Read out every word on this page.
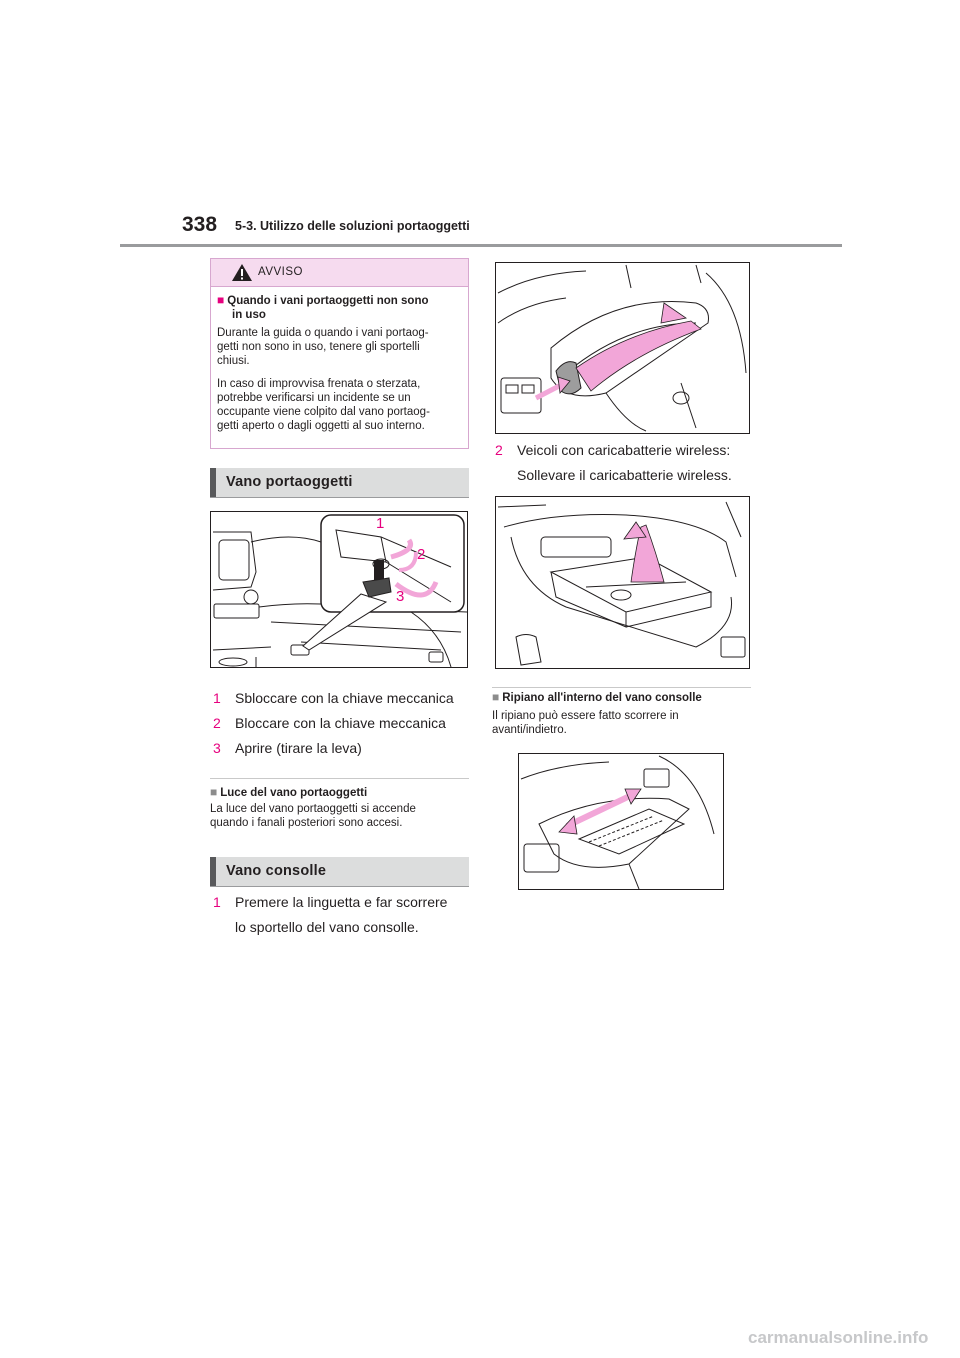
338 5-3. Utilizzo delle soluzioni portaoggetti
AVVISO
■ Quando i vani portaoggetti non sono
in uso
Durante la guida o quando i vani portaog-
getti non sono in uso, tenere gli sportelli
chiusi.
In caso di improvvisa frenata o sterzata,
potrebbe verificarsi un incidente se un
occupante viene colpito dal vano portaog-
getti aperto o dagli oggetti al suo interno.
Vano portaoggetti
1
2
3
1 Sbloccare con la chiave meccanica
2 Bloccare con la chiave meccanica
3 Aprire (tirare la leva)
■ Luce del vano portaoggetti
La luce del vano portaoggetti si accende
quando i fanali posteriori sono accesi.
Vano consolle
1 Premere la linguetta e far scorrere
lo sportello del vano consolle.
2 Veicoli con caricabatterie wireless:
Sollevare il caricabatterie wireless.
■ Ripiano all'interno del vano consolle
Il ripiano può essere fatto scorrere in
avanti/indietro.
carmanualsonline.info
